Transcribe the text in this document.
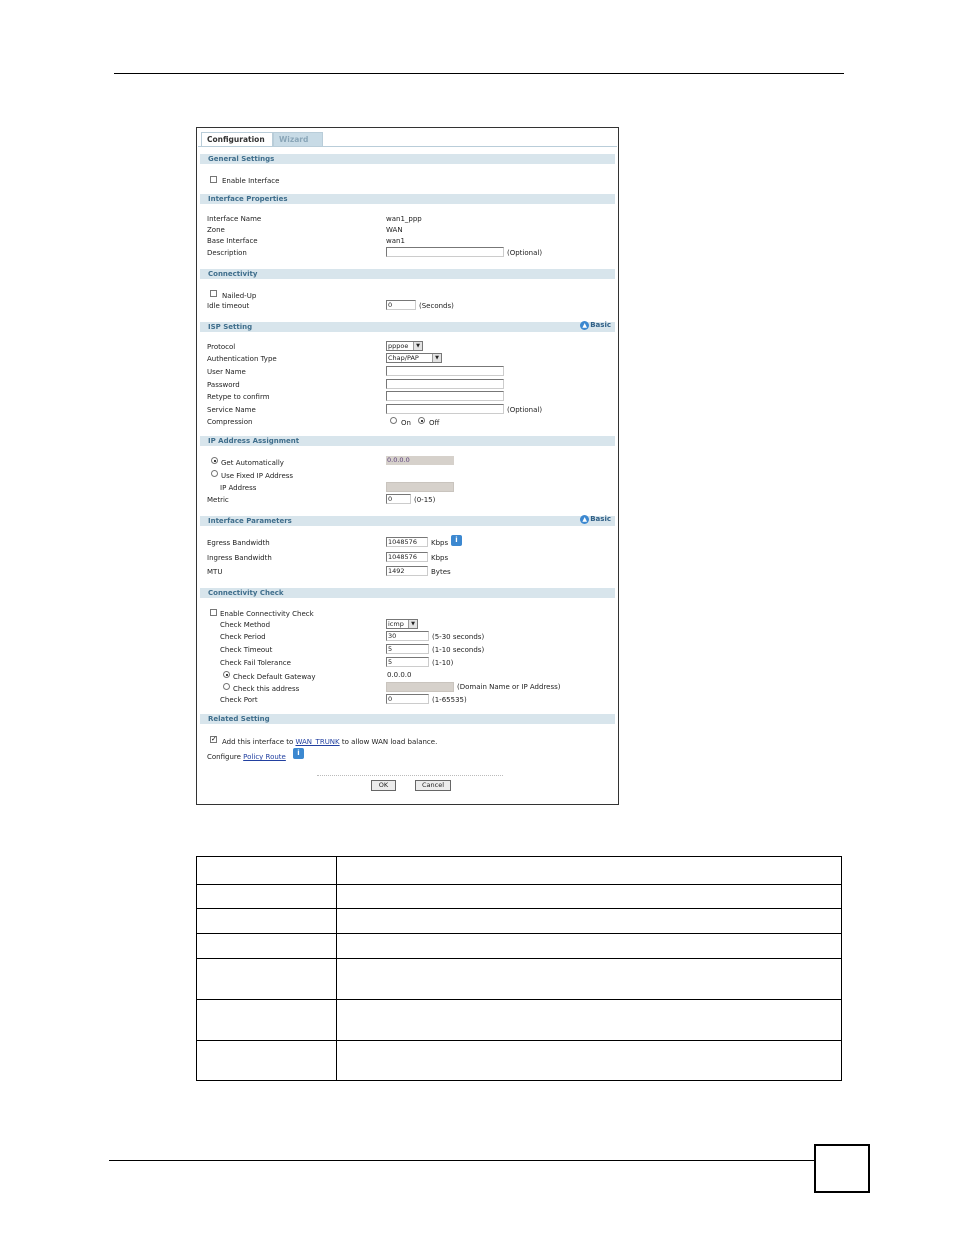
Configuration	Wizard
General Settings
Enable Interface
Interface Properties
Interface Name	wan1_ppp
Zone	WAN
Base Interface	wan1
Description	(Optional)
Connectivity
Nailed-Up
Idle timeout	0	(Seconds)
ISP Setting	▲ Basic
Protocol	pppoe	▼
Authentication Type	Chap/PAP	▼
User Name
Password
Retype to confirm
Service Name	(Optional)
Compression	On	Off
IP Address Assignment
Get Automatically	0.0.0.0
Use Fixed IP Address
IP Address
Metric	0	(0-15)
Interface Parameters	▲ Basic
Egress Bandwidth	1048576	Kbps	i
Ingress Bandwidth	1048576	Kbps
MTU	1492	Bytes
Connectivity Check
Enable Connectivity Check
Check Method	icmp	▼
Check Period	30	(5-30 seconds)
Check Timeout	5	(1-10 seconds)
Check Fail Tolerance	5	(1-10)
Check Default Gateway	0.0.0.0
Check this address	(Domain Name or IP Address)
Check Port	0	(1-65535)
Related Setting
✓ Add this interface to WAN_TRUNK to allow WAN load balance.
Configure Policy Route	i
OK	Cancel
